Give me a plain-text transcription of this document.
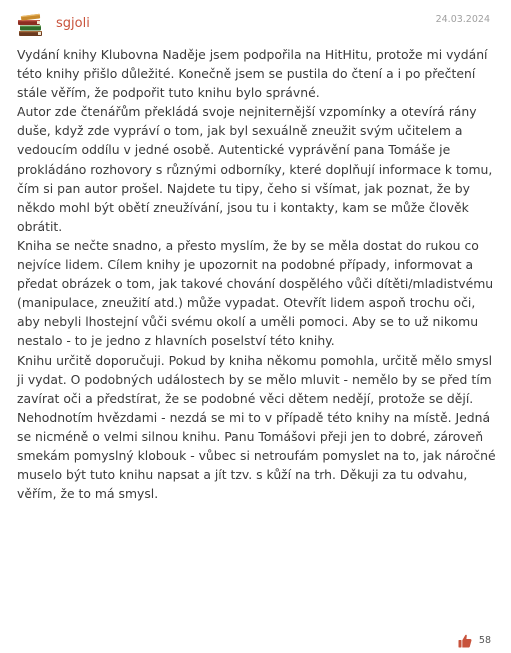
sgjoli	24.03.2024

Vydání knihy Klubovna Naděje jsem podpořila na HitHitu, protože mi vydání této knihy přišlo důležité. Konečně jsem se pustila do čtení a i po přečtení stále věřím, že podpořit tuto knihu bylo správné.

Autor zde čtenářům překládá svoje nejniternější vzpomínky a otevírá rány duše, když zde vypráví o tom, jak byl sexuálně zneužit svým učitelem a vedoucím oddílu v jedné osobě. Autentické vyprávění pana Tomáše je prokládáno rozhovory s různými odborníky, které doplňují informace k tomu, čím si pan autor prošel. Najdete tu tipy, čeho si všímat, jak poznat, že by někdo mohl být obětí zneužívání, jsou tu i kontakty, kam se může člověk obrátit.

Kniha se nečte snadno, a přesto myslím, že by se měla dostat do rukou co nejvíce lidem. Cílem knihy je upozornit na podobné případy, informovat a předat obrázek o tom, jak takové chování dospělého vůči dítěti/mladistvému (manipulace, zneužití atd.) může vypadat. Otevřít lidem aspoň trochu oči, aby nebyli lhostejní vůči svému okolí a uměli pomoci. Aby se to už nikomu nestalo - to je jedno z hlavních poselství této knihy.

Knihu určitě doporučuji. Pokud by kniha někomu pomohla, určitě mělo smysl ji vydat. O podobných událostech by se mělo mluvit - nemělo by se před tím zavírat oči a předstírat, že se podobné věci dětem nedějí, protože se dějí.

Nehodnotím hvězdami - nezdá se mi to v případě této knihy na místě. Jedná se nicméně o velmi silnou knihu. Panu Tomášovi přeji jen to dobré, zároveň smekám pomyslný klobouk - vůbec si netroufám pomyslet na to, jak náročné muselo být tuto knihu napsat a jít tzv. s kůží na trh. Děkuji za tu odvahu, věřím, že to má smysl.

58
